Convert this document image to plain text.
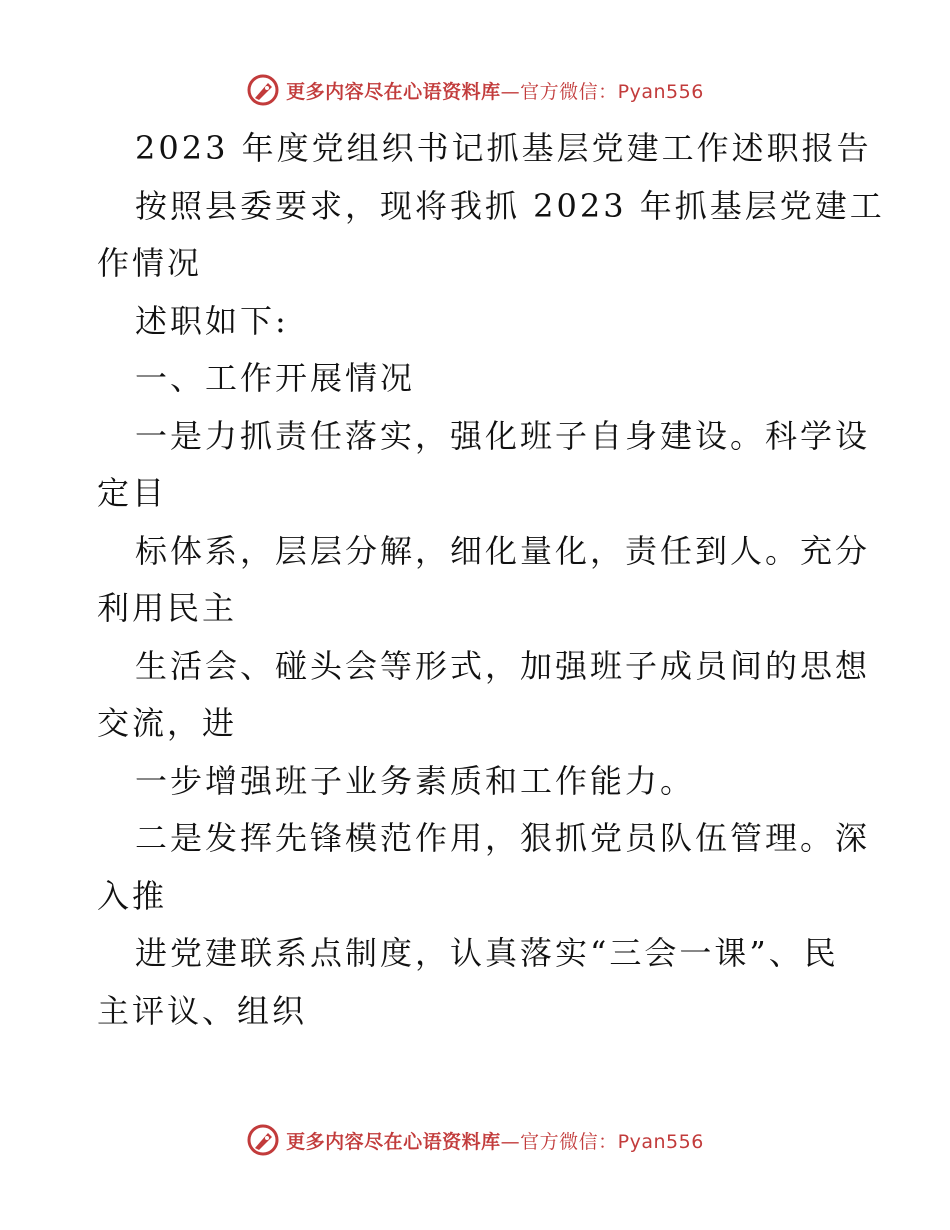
更多内容尽在心语资料库—官方微信：Pyan556
2023 年度党组织书记抓基层党建工作述职报告
按照县委要求，现将我抓 2023 年抓基层党建工
作情况
述职如下:
一、工作开展情况
一是力抓责任落实，强化班子自身建设。科学设
定目
标体系，层层分解，细化量化，责任到人。充分
利用民主
生活会、碰头会等形式，加强班子成员间的思想
交流，进
一步增强班子业务素质和工作能力。
二是发挥先锋模范作用，狠抓党员队伍管理。深
入推
进党建联系点制度，认真落实“三会一课”、民
主评议、组织
更多内容尽在心语资料库—官方微信：Pyan556
